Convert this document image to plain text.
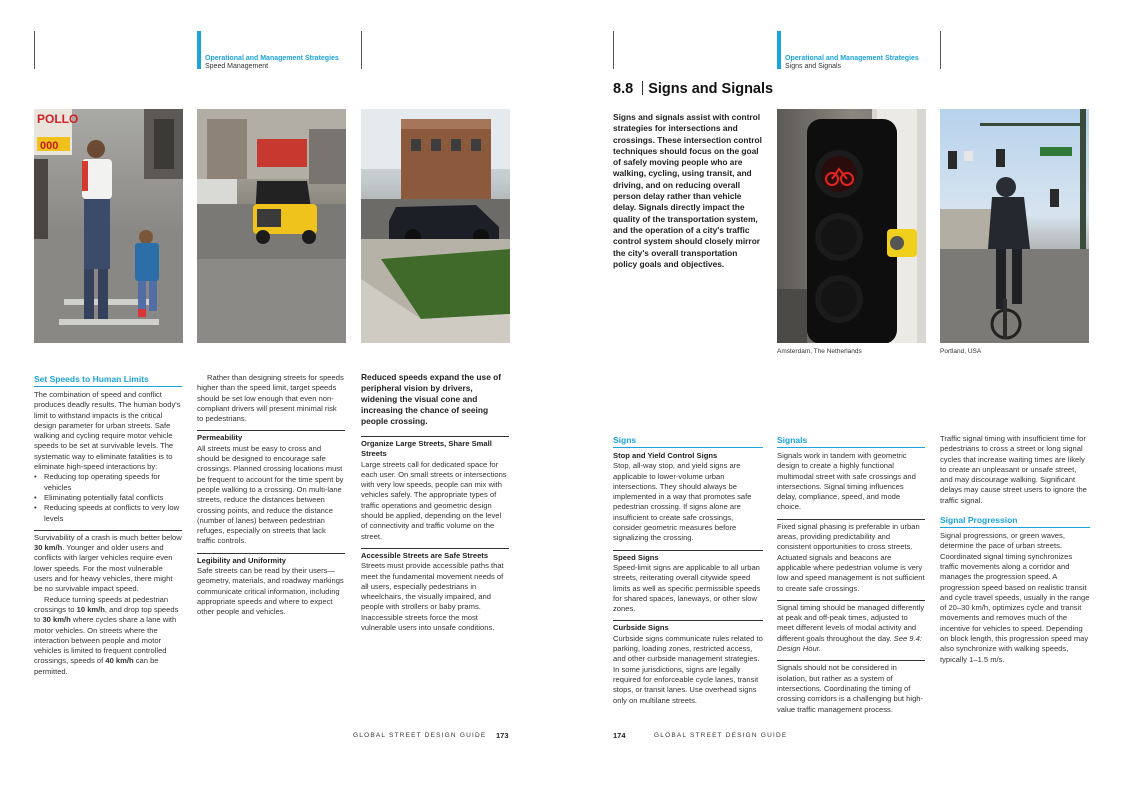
Operational and Management Strategies
Speed Management
POLLO
000
Set Speeds to Human Limits

The combination of speed and conflict produces deadly results. The human body's limit to withstand impacts is the critical design parameter for urban streets. Safe walking and cycling require motor vehicle speeds to be set at survivable levels. The systematic way to eliminate fatalities is to eliminate high-speed interactions by:

• Reducing top operating speeds for vehicles
• Eliminating potentially fatal conflicts
• Reducing speeds at conflicts to very low levels

Survivability of a crash is much better below 30 km/h. Younger and older users and conflicts with larger vehicles require even lower speeds. For the most vulnerable users and for heavy vehicles, there might be no survivable impact speed.

Reduce turning speeds at pedestrian crossings to 10 km/h, and drop top speeds to 30 km/h where cycles share a lane with motor vehicles. On streets where the interaction between people and motor vehicles is limited to frequent controlled crossings, speeds of 40 km/h can be permitted.

Rather than designing streets for speeds higher than the speed limit, target speeds should be set low enough that even non-compliant drivers will present minimal risk to pedestrians.

Permeability

All streets must be easy to cross and should be designed to encourage safe crossings. Planned crossing locations must be frequent to account for the time spent by people walking to a crossing. On multi-lane streets, reduce the distances between crossing points, and reduce the distance (number of lanes) between pedestrian refuges, especially on streets that lack traffic controls.

Legibility and Uniformity

Safe streets can be read by their users—geometry, materials, and roadway markings communicate critical information, including appropriate speeds and where to expect other people and vehicles.

Reduced speeds expand the use of peripheral vision by drivers, widening the visual cone and increasing the chance of seeing people crossing.

Organize Large Streets, Share Small Streets

Large streets call for dedicated space for each user. On small streets or intersections with very low speeds, people can mix with vehicles safely. The appropriate types of traffic operations and geometric design should be applied, depending on the level of connectivity and traffic volume on the street.

Accessible Streets are Safe Streets

Streets must provide accessible paths that meet the fundamental movement needs of all users, especially pedestrians in wheelchairs, the visually impaired, and people with strollers or baby prams. Inaccessible streets force the most vulnerable users into unsafe conditions.

GLOBAL STREET DESIGN GUIDE 173
Operational and Management Strategies
Signs and Signals
8.8 Signs and Signals
Signs and signals assist with control strategies for intersections and crossings. These intersection control techniques should focus on the goal of safely moving people who are walking, cycling, using transit, and driving, and on reducing overall person delay rather than vehicle delay. Signals directly impact the quality of the transportation system, and the operation of a city's traffic control system should closely mirror the city's overall transportation policy goals and objectives.
Amsterdam, The Netherlands	Portland, USA
Signs

Stop and Yield Control Signs

Stop, all-way stop, and yield signs are applicable to lower-volume urban intersections. They should always be implemented in a way that promotes safe pedestrian crossing. If signs alone are insufficient to create safe crossings, consider geometric measures before signalizing the crossing.

Speed Signs

Speed-limit signs are applicable to all urban streets, reiterating overall citywide speed limits as well as specific permissible speeds for shared spaces, laneways, or other slow zones.

Curbside Signs

Curbside signs communicate rules related to parking, loading zones, restricted access, and other curbside management strategies. In some jurisdictions, signs are legally required for enforceable cycle lanes, transit stops, or transit lanes. Use overhead signs only on multilane streets.

Signals

Signals work in tandem with geometric design to create a highly functional multimodal street with safe crossings and intersections. Signal timing influences delay, compliance, speed, and mode choice.

Fixed signal phasing is preferable in urban areas, providing predictability and consistent opportunities to cross streets. Actuated signals and beacons are applicable where pedestrian volume is very low and speed management is not sufficient to create safe crossings.

Signal timing should be managed differently at peak and off-peak times, adjusted to meet different levels of modal activity and different goals throughout the day. See 9.4: Design Hour.

Signals should not be considered in isolation, but rather as a system of intersections. Coordinating the timing of crossing corridors is a challenging but high-value traffic management process.

Traffic signal timing with insufficient time for pedestrians to cross a street or long signal cycles that increase waiting times are likely to create an unpleasant or unsafe street, and may discourage walking. Significant delays may cause street users to ignore the traffic signal.

Signal Progression

Signal progressions, or green waves, determine the pace of urban streets. Coordinated signal timing synchronizes traffic movements along a corridor and manages the progression speed. A progression speed based on realistic transit and cycle travel speeds, usually in the range of 20–30 km/h, optimizes cycle and transit movements and removes much of the incentive for vehicles to speed. Depending on block length, this progression speed may also synchronize with walking speeds, typically 1–1.5 m/s.

174	GLOBAL STREET DESIGN GUIDE
